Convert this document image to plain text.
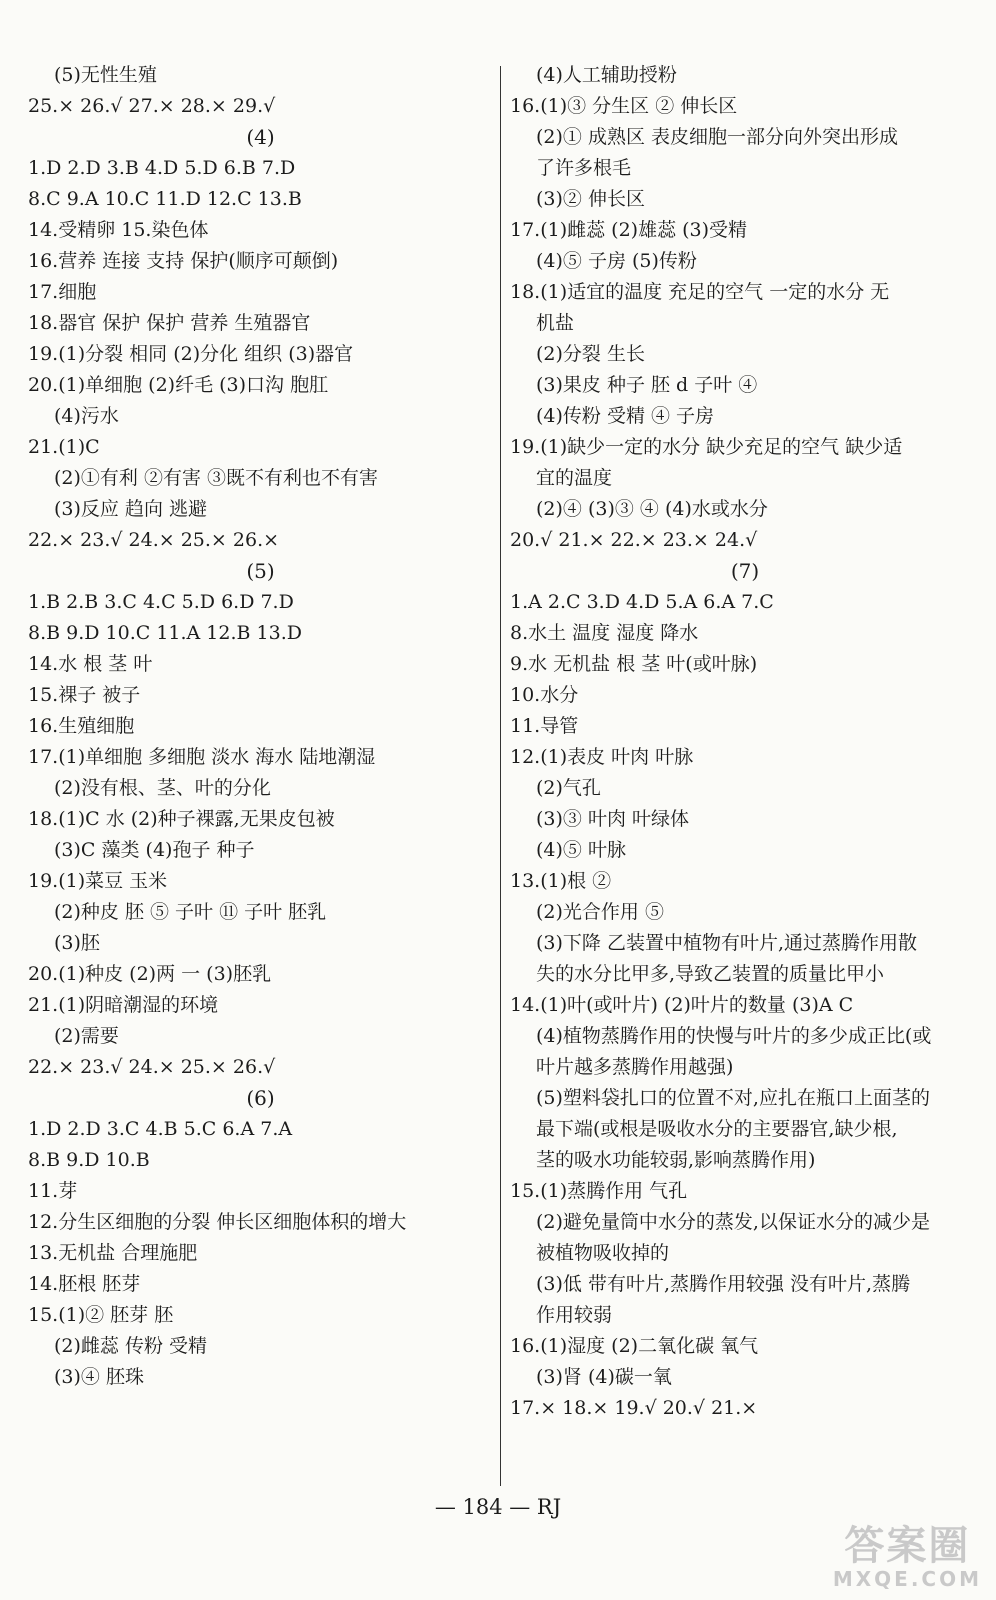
(5)无性生殖
25.× 26.√ 27.× 28.× 29.√
(4)
1.D 2.D 3.B 4.D 5.D 6.B 7.D
8.C 9.A 10.C 11.D 12.C 13.B
14.受精卵 15.染色体
16.营养 连接 支持 保护(顺序可颠倒)
17.细胞
18.器官 保护 保护 营养 生殖器官
19.(1)分裂 相同 (2)分化 组织 (3)器官
20.(1)单细胞 (2)纤毛 (3)口沟 胞肛
(4)污水
21.(1)C
(2)①有利 ②有害 ③既不有利也不有害
(3)反应 趋向 逃避
22.× 23.√ 24.× 25.× 26.×
(5)
1.B 2.B 3.C 4.C 5.D 6.D 7.D
8.B 9.D 10.C 11.A 12.B 13.D
14.水 根 茎 叶
15.裸子 被子
16.生殖细胞
17.(1)单细胞 多细胞 淡水 海水 陆地潮湿
(2)没有根、茎、叶的分化
18.(1)C 水 (2)种子裸露,无果皮包被
(3)C 藻类 (4)孢子 种子
19.(1)菜豆 玉米
(2)种皮 胚 ⑤ 子叶 ⑪ 子叶 胚乳
(3)胚
20.(1)种皮 (2)两 一 (3)胚乳
21.(1)阴暗潮湿的环境
(2)需要
22.× 23.√ 24.× 25.× 26.√
(6)
1.D 2.D 3.C 4.B 5.C 6.A 7.A
8.B 9.D 10.B
11.芽
12.分生区细胞的分裂 伸长区细胞体积的增大
13.无机盐 合理施肥
14.胚根 胚芽
15.(1)② 胚芽 胚
(2)雌蕊 传粉 受精
(3)④ 胚珠
(4)人工辅助授粉
16.(1)③ 分生区 ② 伸长区
(2)① 成熟区 表皮细胞一部分向外突出形成
了许多根毛
(3)② 伸长区
17.(1)雌蕊 (2)雄蕊 (3)受精
(4)⑤ 子房 (5)传粉
18.(1)适宜的温度 充足的空气 一定的水分 无
机盐
(2)分裂 生长
(3)果皮 种子 胚 d 子叶 ④
(4)传粉 受精 ④ 子房
19.(1)缺少一定的水分 缺少充足的空气 缺少适
宜的温度
(2)④ (3)③ ④ (4)水或水分
20.√ 21.× 22.× 23.× 24.√
(7)
1.A 2.C 3.D 4.D 5.A 6.A 7.C
8.水土 温度 湿度 降水
9.水 无机盐 根 茎 叶(或叶脉)
10.水分
11.导管
12.(1)表皮 叶肉 叶脉
(2)气孔
(3)③ 叶肉 叶绿体
(4)⑤ 叶脉
13.(1)根 ②
(2)光合作用 ⑤
(3)下降 乙装置中植物有叶片,通过蒸腾作用散
失的水分比甲多,导致乙装置的质量比甲小
14.(1)叶(或叶片) (2)叶片的数量 (3)A C
(4)植物蒸腾作用的快慢与叶片的多少成正比(或
叶片越多蒸腾作用越强)
(5)塑料袋扎口的位置不对,应扎在瓶口上面茎的
最下端(或根是吸收水分的主要器官,缺少根,
茎的吸水功能较弱,影响蒸腾作用)
15.(1)蒸腾作用 气孔
(2)避免量筒中水分的蒸发,以保证水分的减少是
被植物吸收掉的
(3)低 带有叶片,蒸腾作用较强 没有叶片,蒸腾
作用较弱
16.(1)湿度 (2)二氧化碳 氧气
(3)肾 (4)碳一氧
17.× 18.× 19.√ 20.√ 21.×
— 184 — RJ
答案圈
MXQE.COM
